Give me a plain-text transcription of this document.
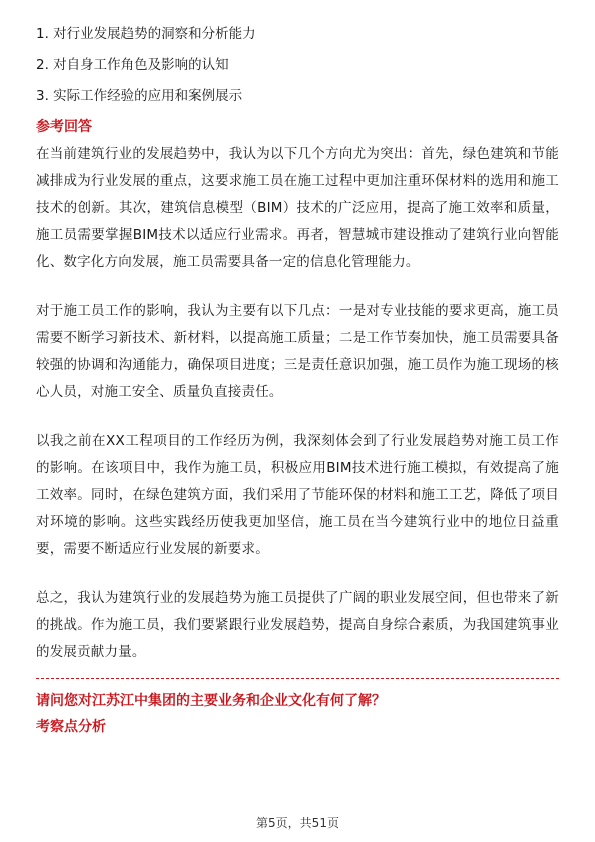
1. 对行业发展趋势的洞察和分析能力

2. 对自身工作角色及影响的认知

3. 实际工作经验的应用和案例展示

参考回答

在当前建筑行业的发展趋势中，我认为以下几个方向尤为突出：首先，绿色建筑和节能减排成为行业发展的重点，这要求施工员在施工过程中更加注重环保材料的选用和施工技术的创新。其次，建筑信息模型（BIM）技术的广泛应用，提高了施工效率和质量，施工员需要掌握BIM技术以适应行业需求。再者，智慧城市建设推动了建筑行业向智能化、数字化方向发展，施工员需要具备一定的信息化管理能力。

对于施工员工作的影响，我认为主要有以下几点：一是对专业技能的要求更高，施工员需要不断学习新技术、新材料，以提高施工质量；二是工作节奏加快，施工员需要具备较强的协调和沟通能力，确保项目进度；三是责任意识加强，施工员作为施工现场的核心人员，对施工安全、质量负直接责任。

以我之前在XX工程项目的工作经历为例，我深刻体会到了行业发展趋势对施工员工作的影响。在该项目中，我作为施工员，积极应用BIM技术进行施工模拟，有效提高了施工效率。同时，在绿色建筑方面，我们采用了节能环保的材料和施工工艺，降低了项目对环境的影响。这些实践经历使我更加坚信，施工员在当今建筑行业中的地位日益重要，需要不断适应行业发展的新要求。

总之，我认为建筑行业的发展趋势为施工员提供了广阔的职业发展空间，但也带来了新的挑战。作为施工员，我们要紧跟行业发展趋势，提高自身综合素质，为我国建筑事业的发展贡献力量。

请问您对江苏江中集团的主要业务和企业文化有何了解？

考察点分析

第5页，共51页
